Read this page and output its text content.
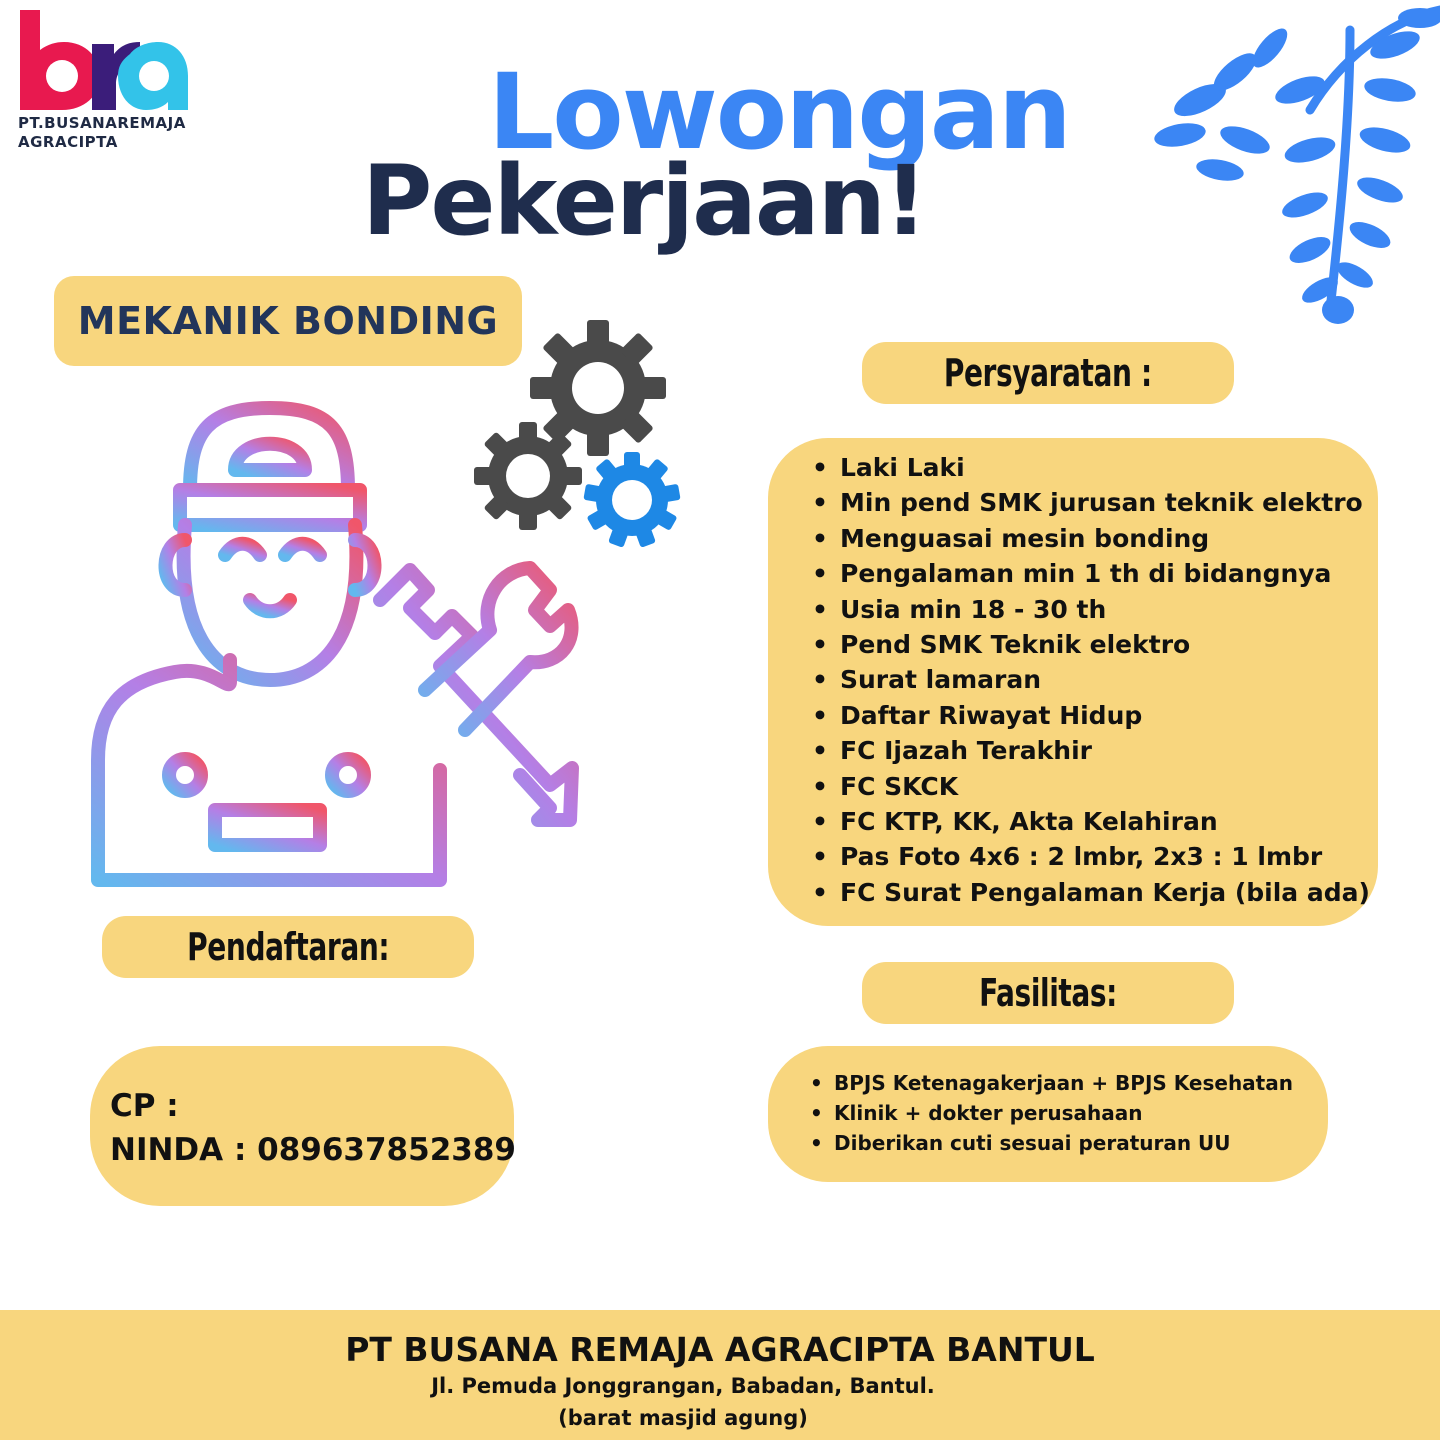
PT.BUSANAREMAJA
AGRACIPTA	Lowongan
Pekerjaan!
MEKANIK BONDING
Persyaratan :
• Laki Laki
• Min pend SMK jurusan teknik elektro
• Menguasai mesin bonding
• Pengalaman min 1 th di bidangnya
• Usia min 18 - 30 th
• Pend SMK Teknik elektro
• Surat lamaran
• Daftar Riwayat Hidup
• FC Ijazah Terakhir
• FC SKCK
• FC KTP, KK, Akta Kelahiran
• Pas Foto 4x6 : 2 lmbr, 2x3 : 1 lmbr
• FC Surat Pengalaman Kerja (bila ada)
Pendaftaran:
CP :
NINDA : 089637852389
Fasilitas:
• BPJS Ketenagakerjaan + BPJS Kesehatan
• Klinik + dokter perusahaan
• Diberikan cuti sesuai peraturan UU
PT BUSANA REMAJA AGRACIPTA BANTUL
Jl. Pemuda Jonggrangan, Babadan, Bantul.
(barat masjid agung)
